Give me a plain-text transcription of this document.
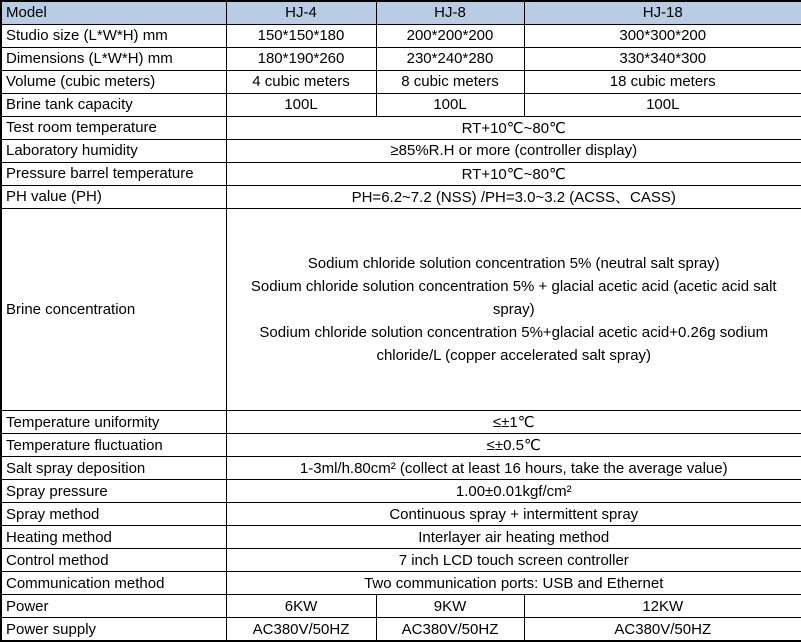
Model	HJ-4	HJ-8	HJ-18
Studio size (L*W*H) mm	150*150*180	200*200*200	300*300*200
Dimensions (L*W*H) mm	180*190*260	230*240*280	330*340*300
Volume (cubic meters)	4 cubic meters	8 cubic meters	18 cubic meters
Brine tank capacity	100L	100L	100L
Test room temperature	RT+10℃~80℃		
Laboratory humidity	≥85%R.H or more (controller display)		
Pressure barrel temperature	RT+10℃~80℃		
PH value (PH)	PH=6.2~7.2 (NSS) /PH=3.0~3.2 (ACSS、CASS)		
Brine concentration	Sodium chloride solution concentration 5% (neutral salt spray)
Sodium chloride solution concentration 5% + glacial acetic acid (acetic acid salt spray)
Sodium chloride solution concentration 5%+glacial acetic acid+0.26g sodium chloride/L (copper accelerated salt spray)		

Temperature uniformity	≤±1℃		
Temperature fluctuation	≤±0.5℃		
Salt spray deposition	1-3ml/h.80cm² (collect at least 16 hours, take the average value)		
Spray pressure	1.00±0.01kgf/cm²		
Spray method	Continuous spray + intermittent spray		
Heating method	Interlayer air heating method		
Control method	7 inch LCD touch screen controller		
Communication method	Two communication ports: USB and Ethernet		
Power	6KW	9KW	12KW
Power supply	AC380V/50HZ	AC380V/50HZ	AC380V/50HZ
